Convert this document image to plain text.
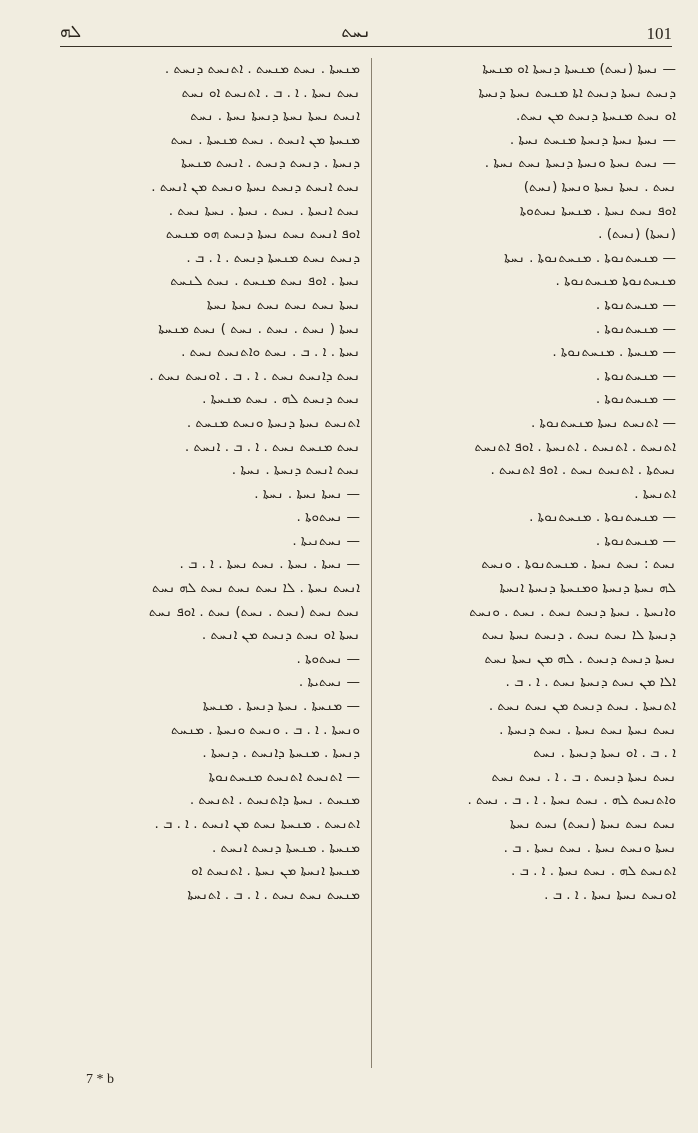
ܠܗ	ܢܚܬ	101
— ܢܚܬܐ (ܢܚܬ) ܡܢܚܬܐ ܕܢܚܬܐ ܐܘ ܡܢܚܬܐ
ܕܢܚܬ ܢܚܬܐ ܕܢܚܬ ܐܬܐ ܡܢܚܬ ܢܚܬܐ ܕܢܚܬܐ
ܐܘ ܢܚܬ ܡܢܚܬܐ ܕܢܚܬ ܡܢ ܢܚܬ.
— ܢܚܬܐ ܢܚܬܐ ܕܢܚܬܐ ܡܢܚܬ ܢܚܬܐ .
— ܢܚܬ ܢܚܬܐ ܘܢܚܬܐ ܕܢܚܬܐ ܢܚܬ ܢܚܬܐ .
ܢܚܬ . ܢܚܬܐ ܢܚܬܐ ܘܢܚܬܐ (ܢܚܬ)
ܐܘܦ ܢܚܬ ܢܚܬܐ . ܡܢܚܬܐ ܢܚܬܘܬܐ
(ܢܚܬܐ) (ܢܚܬ) .
— ܡܢܚܬܢܘܬܐ . ܡܢܚܬܢܘܬܐ . ܢܚܬܐ
ܡܢܚܬܢܘܬܐ ܡܢܚܬܢܘܬܐ .
— ܡܢܚܬܢܘܬܐ .
— ܡܢܚܬܢܘܬܐ .
— ܡܢܚܬܐ . ܡܢܚܬܢܘܬܐ .
— ܡܢܚܬܢܘܬܐ .
— ܡܢܚܬܢܘܬܐ .
— ܐܬܢܚܬ ܢܚܬܐ ܡܢܚܬܢܘܬܐ .
ܐܬܢܚܬ . ܐܬܢܚܬ . ܐܬܢܚܬܐ . ܐܘܦ ܐܬܢܚܬ
ܢܚܬܬܐ . ܐܬܢܚܬ ܢܚܬ . ܐܘܦ ܐܬܢܚܬ .
ܐܬܢܚܬܐ .
— ܡܢܚܬܢܘܬܐ . ܡܢܚܬܢܘܬܐ .
— ܡܢܚܬܢܘܬܐ .
ܢܚܬ : ܢܚܬ ܢܚܬܐ . ܡܢܚܬܢܘܬܐ . ܘܢܚܬ
ܠܗ ܢܚܬܐ ܕܢܚܬܐ ܘܡܢܚܬܐ ܕܢܚܬܐ ܐܢܚܬܐ
ܘܐܢܚܬܐ . ܢܚܬܐ ܕܢܚܬ ܢܚܬ . ܢܚܬ . ܘܢܚܬ
ܕܢܚܬܐ ܠܐ ܢܚܬ ܢܚܬ . ܕܢܚܬ ܢܚܬܐ ܢܚܬ
ܢܚܬܐ ܕܢܚܬ ܕܢܚܬ . ܠܗ ܡܢ ܢܚܬܐ ܢܚܬ
ܐܠܐ ܡܢ ܢܚܬ ܕܢܚܬܐ ܢܚܬ . ܐ . ܒ .
ܐܬܢܚܬܐ . ܢܚܬ ܕܢܚܬ ܡܢ ܢܚܬ ܢܚܬ .
ܢܚܬ ܢܚܬܐ ܢܚܬ ܢܚܬܐ . ܢܚܬ ܕܢܚܬܐ .
ܐ . ܒ . ܐܘ ܢܚܬܐ ܕܢܚܬܐ . ܢܚܬ
ܢܚܬ ܢܚܬܐ ܕܢܚܬ . ܒ . ܐ . ܢܚܬ ܢܚܬ
ܘܐܬܢܚܬ ܠܗ . ܢܚܬ ܢܚܬܐ . ܐ . ܒ . ܢܚܬ .
ܢܚܬ ܢܚܬ ܢܚܬܐ (ܢܚܬ) ܢܚܬ ܢܚܬܐ
ܢܚܬܐ ܘܢܚܬ ܢܚܬܐ . ܢܚܬ ܢܚܬܐ . ܒ .
ܐܬܢܚܬ ܠܗ . ܢܚܬ ܢܚܬܐ . ܐ . ܒ .
ܐܘܢܚܬ ܢܚܬܐ ܢܚܬܐ . ܐ . ܒ .
ܡܢܚܬܐ . ܢܚܬ ܡܢܚܬ . ܐܬܢܚܬ ܕܢܚܬ .
ܢܚܬ ܢܚܬܐ . ܐ . ܒ . ܐܬܢܚܬ ܐܘ ܢܚܬ
ܐܢܚܬ ܢܚܬܐ ܢܚܬܐ ܕܢܚܬܐ ܢܚܬܐ . ܢܚܬ
ܡܢܚܬܐ ܡܢ ܐܢܚܬ . ܢܚܬ ܡܢܚܬܐ . ܢܚܬ
ܕܢܚܬܐ . ܕܢܚܬ ܕܢܚܬ . ܐܢܚܬ ܡܢܚܬܐ
ܢܚܬ ܐܢܚܬ ܕܢܚܬ ܢܚܬܐ ܘܢܚܬ ܡܢ ܐܢܚܬ .
ܢܚܬ ܐܢܚܬܐ . ܢܚܬ . ܢܚܬܐ . ܢܚܬܐ ܢܚܬ .
ܐܘܦ ܐܢܚܬ ܢܚܬ ܢܚܬܐ ܕܢܚܬ ܗܘ ܡܢܚܬ
ܕܢܚܬ ܢܚܬ ܡܢܚܬܐ ܕܢܚܬ . ܐ . ܒ .
ܢܚܬܐ . ܐܘܦ ܢܚܬ ܡܢܚܬ . ܢܚܬ ܠܢܚܬ
ܢܚܬܐ ܢܚܬ ܢܚܬ ܢܚܬ ܢܚܬܐ ܢܚܬܐ
ܢܚܬܐ ( ܢܚܬ . ܢܚܬ . ܢܚܬ ) ܢܚܬ ܡܢܚܬܐ
ܢܚܬܐ . ܐ . ܒ . ܢܚܬ ܘܐܬܢܚܬ ܢܚܬ .
ܢܚܬ ܕܐܢܚܬ ܢܚܬ . ܐ . ܒ . ܐܘܢܚܬ ܢܚܬ .
ܢܚܬ ܕܢܚܬ ܠܗ . ܢܚܬ ܡܢܚܬܐ .
ܐܬܢܚܬ ܢܚܬܐ ܕܢܚܬܐ ܘܢܚܬ ܡܢܚܬ .
ܢܚܬ ܡܢܚܬ ܢܚܬ . ܐ . ܒ . ܐܢܚܬ .
ܢܚܬ ܐܢܚܬ ܕܢܚܬܐ . ܢܚܬܐ .
— ܢܚܬܐ ܢܚܬܐ . ܢܚܬܐ .
— ܢܚܬܘܬܐ .
— ܢܚܬܢܝܬܐ .
— ܢܚܬܐ . ܢܚܬܐ . ܢܚܬ ܢܚܬܐ . ܐ . ܒ .
ܐܢܚܬ ܢܚܬܐ . ܠܐ ܢܚܬ ܢܚܬ ܢܚܬ ܠܗ ܢܚܬ
ܢܚܬ ܢܚܬ (ܢܚܬ . ܢܚܬ) ܢܚܬ . ܐܘܦ ܢܚܬ
ܢܚܬܐ ܐܘ ܢܚܬ ܕܢܚܬ ܡܢ ܐܢܚܬ .
— ܢܚܬܘܬܐ .
— ܢܚܬܝܬܐ .
— ܡܢܚܬܐ . ܢܚܬܐ ܕܢܚܬܐ . ܡܢܚܬܐ
ܘܢܚܬܐ . ܐ . ܒ . ܘܢܚܬ ܘܢܚܬܐ . ܡܢܚܬ
ܕܢܚܬܐ . ܡܢܚܬܐ ܕܐܢܚܬ . ܕܢܚܬܐ .
— ܐܬܢܚܬ ܐܬܢܚܬ ܡܢܚܬܢܘܬܐ
ܡܢܚܬ . ܢܚܬܐ ܕܐܬܢܚܬ . ܐܬܢܚܬ .
ܐܬܢܚܬ . ܡܢܚܬܐ ܢܚܬ ܡܢ ܐܢܚܬ . ܐ . ܒ .
ܡܢܚܬܐ . ܡܢܚܬܐ ܕܢܚܬ ܐܢܚܬ .
ܡܢܚܬܐ ܐܢܚܬܐ ܡܢ ܢܚܬܐ . ܐܬܢܚܬ ܐܘ
ܡܢܚܬ ܢܚܬ ܢܚܬ . ܐ . ܒ . ܐܬܢܚܬܐ
7 * b
